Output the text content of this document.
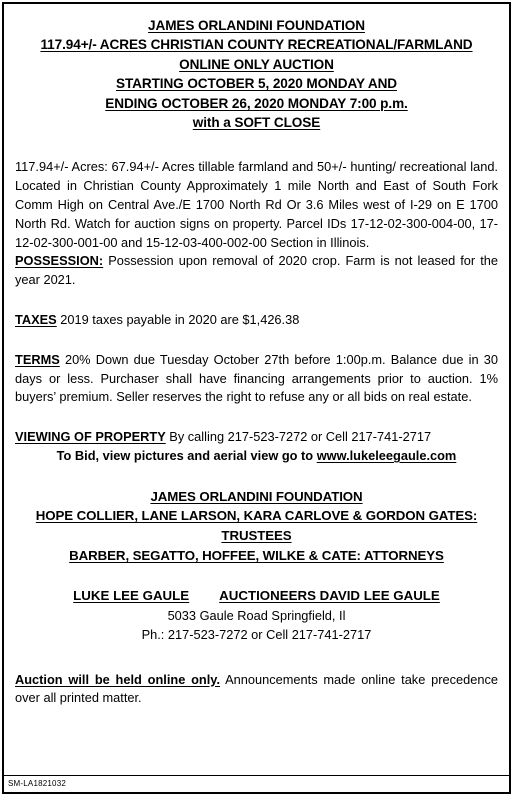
JAMES ORLANDINI FOUNDATION
117.94+/- ACRES CHRISTIAN COUNTY RECREATIONAL/FARMLAND
ONLINE ONLY AUCTION
STARTING OCTOBER 5, 2020 MONDAY AND
ENDING OCTOBER 26, 2020 MONDAY 7:00 p.m.
with a SOFT CLOSE

117.94+/- Acres: 67.94+/- Acres tillable farmland and 50+/- hunting/ recreational land. Located in Christian County Approximately 1 mile North and East of South Fork Comm High on Central Ave./E 1700 North Rd Or 3.6 Miles west of I-29 on E 1700 North Rd. Watch for auction signs on property. Parcel IDs 17-12-02-300-004-00, 17-12-02-300-001-00 and 15-12-03-400-002-00 Section in Illinois.

POSSESSION: Possession upon removal of 2020 crop. Farm is not leased for the year 2021.

TAXES 2019 taxes payable in 2020 are $1,426.38

TERMS 20% Down due Tuesday October 27th before 1:00p.m. Balance due in 30 days or less. Purchaser shall have financing arrangements prior to auction. 1% buyers’ premium. Seller reserves the right to refuse any or all bids on real estate.

VIEWING OF PROPERTY By calling 217-523-7272 or Cell 217-741-2717

To Bid, view pictures and aerial view go to www.lukeleegaule.com
JAMES ORLANDINI FOUNDATION
HOPE COLLIER, LANE LARSON, KARA CARLOVE & GORDON GATES:
TRUSTEES
BARBER, SEGATTO, HOFFEE, WILKE & CATE: ATTORNEYS
LUKE LEE GAULE AUCTIONEERS DAVID LEE GAULE
5033 Gaule Road Springfield, Il
Ph.: 217-523-7272 or Cell 217-741-2717

Auction will be held online only. Announcements made online take precedence over all printed matter.

SM-LA1821032
